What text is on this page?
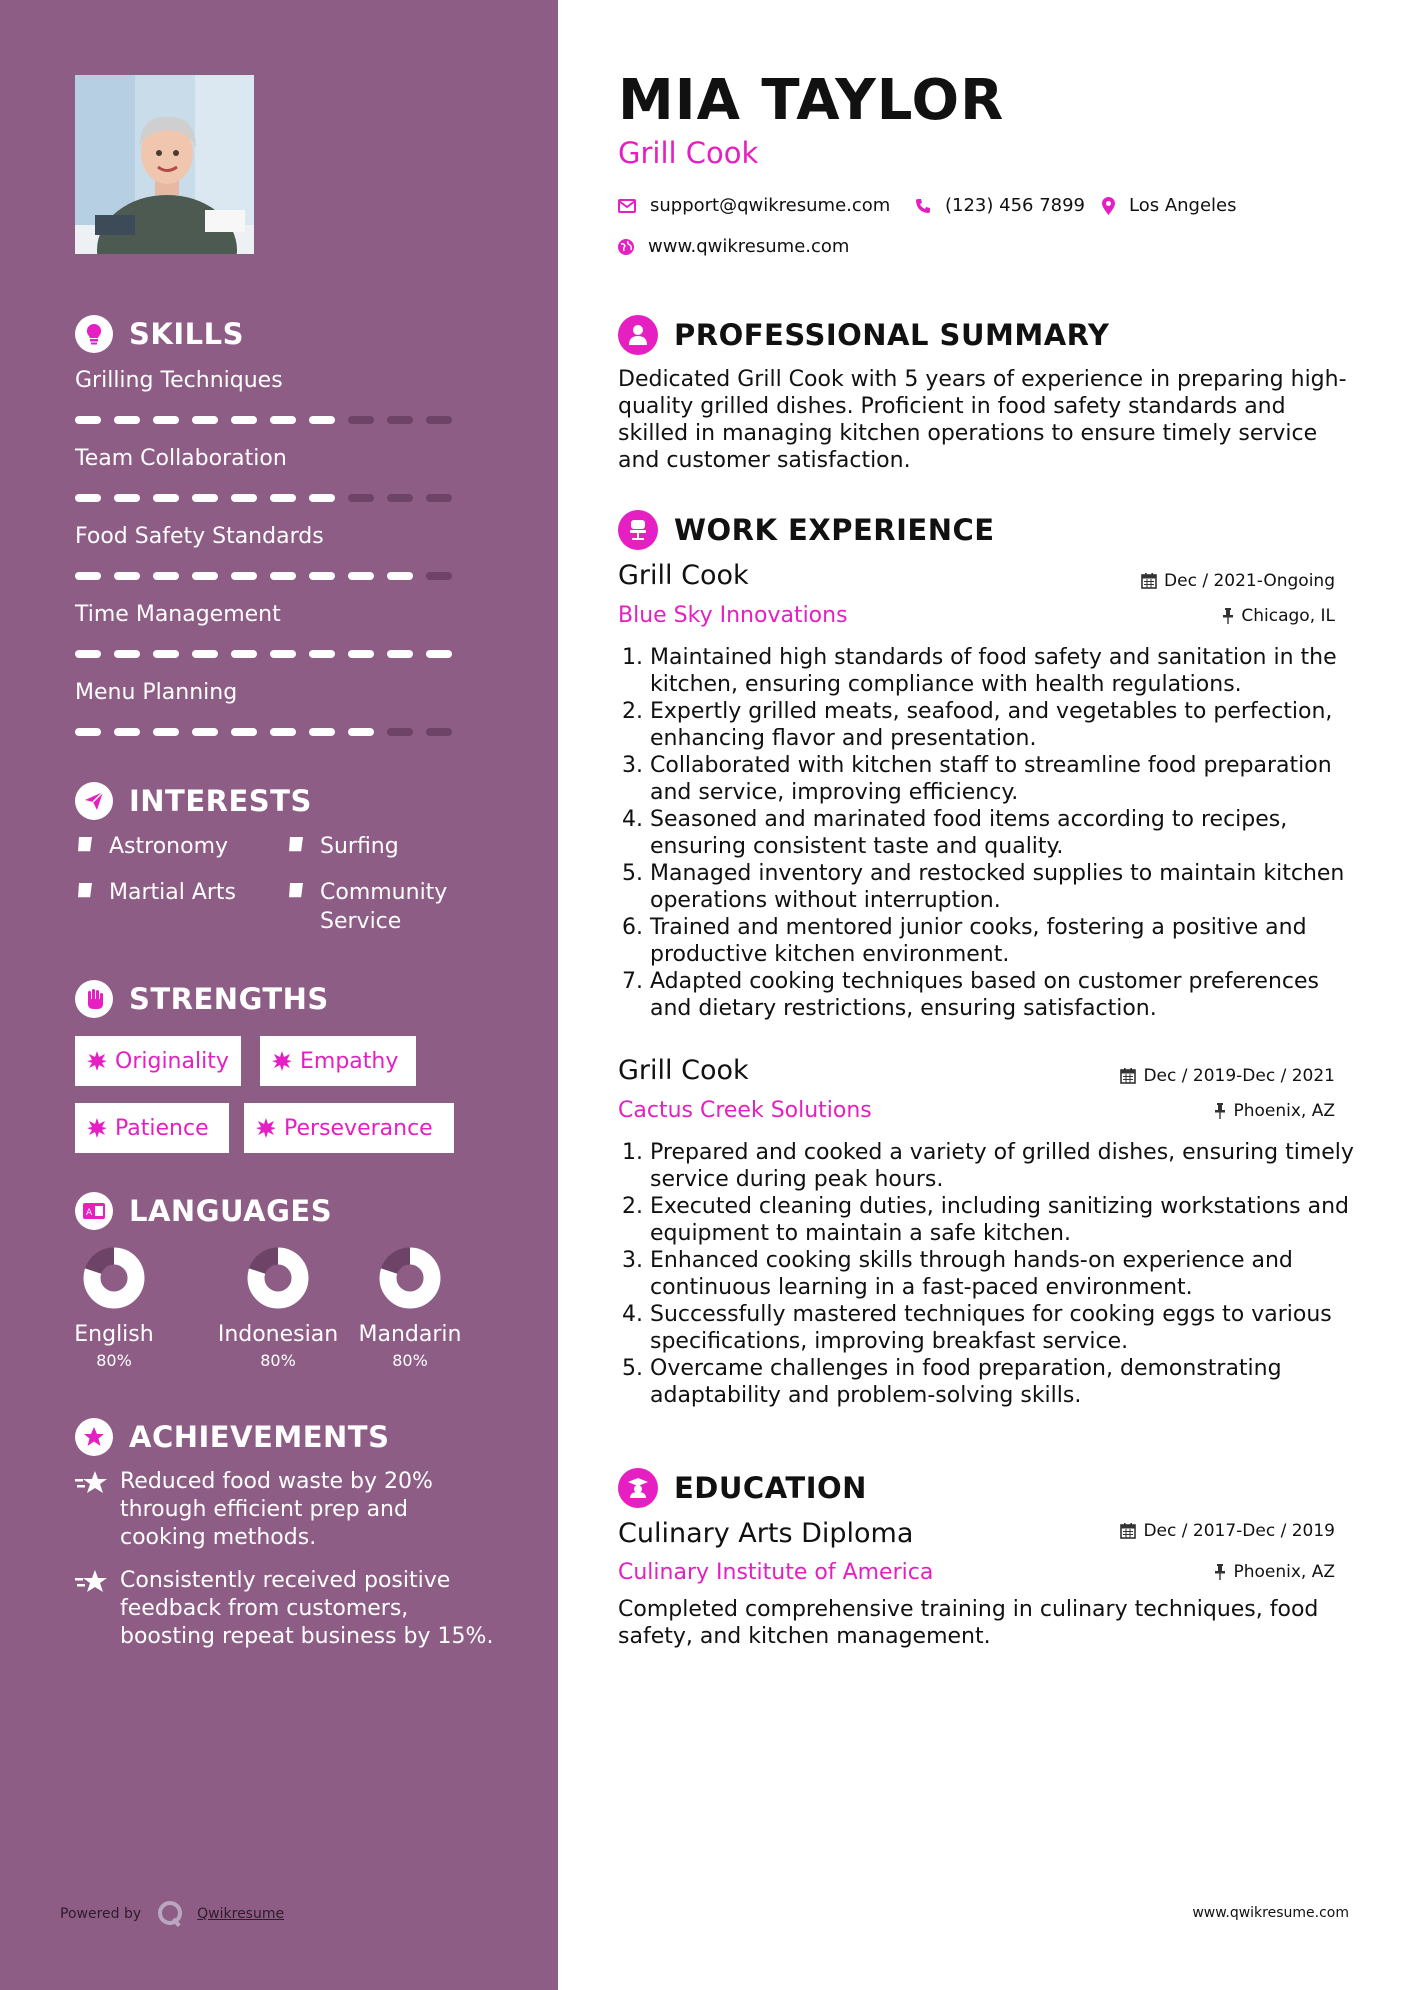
SKILLS
Grilling Techniques
Team Collaboration
Food Safety Standards
Time Management
Menu Planning
INTERESTS
Astronomy	Surfing
Martial Arts	Community Service
STRENGTHS
Originality	Empathy
Patience	Perseverance
A LANGUAGES
English
80%
Indonesian
80%
Mandarin
80%
ACHIEVEMENTS
Reduced food waste by 20% through efficient prep and cooking methods.
Consistently received positive feedback from customers, boosting repeat business by 15%.
Powered by	Qwikresume
MIA TAYLOR
Grill Cook
support@qwikresume.com	(123) 456 7899 Los Angeles
www.qwikresume.com
PROFESSIONAL SUMMARY
Dedicated Grill Cook with 5 years of experience in preparing high-quality grilled dishes. Proficient in food safety standards and skilled in managing kitchen operations to ensure timely service and customer satisfaction.
WORK EXPERIENCE
Grill Cook	Dec / 2021-Ongoing
Blue Sky Innovations	Chicago, IL
1. Maintained high standards of food safety and sanitation in the kitchen, ensuring compliance with health regulations.
2. Expertly grilled meats, seafood, and vegetables to perfection, enhancing flavor and presentation.
3. Collaborated with kitchen staff to streamline food preparation and service, improving efficiency.
4. Seasoned and marinated food items according to recipes, ensuring consistent taste and quality.
5. Managed inventory and restocked supplies to maintain kitchen operations without interruption.
6. Trained and mentored junior cooks, fostering a positive and productive kitchen environment.
7. Adapted cooking techniques based on customer preferences and dietary restrictions, ensuring satisfaction.
Grill Cook	Dec / 2019-Dec / 2021
Cactus Creek Solutions	Phoenix, AZ
1. Prepared and cooked a variety of grilled dishes, ensuring timely service during peak hours.
2. Executed cleaning duties, including sanitizing workstations and equipment to maintain a safe kitchen.
3. Enhanced cooking skills through hands-on experience and continuous learning in a fast-paced environment.
4. Successfully mastered techniques for cooking eggs to various specifications, improving breakfast service.
5. Overcame challenges in food preparation, demonstrating adaptability and problem-solving skills.
EDUCATION
Culinary Arts Diploma	Dec / 2017-Dec / 2019
Culinary Institute of America	Phoenix, AZ
Completed comprehensive training in culinary techniques, food safety, and kitchen management.
www.qwikresume.com
